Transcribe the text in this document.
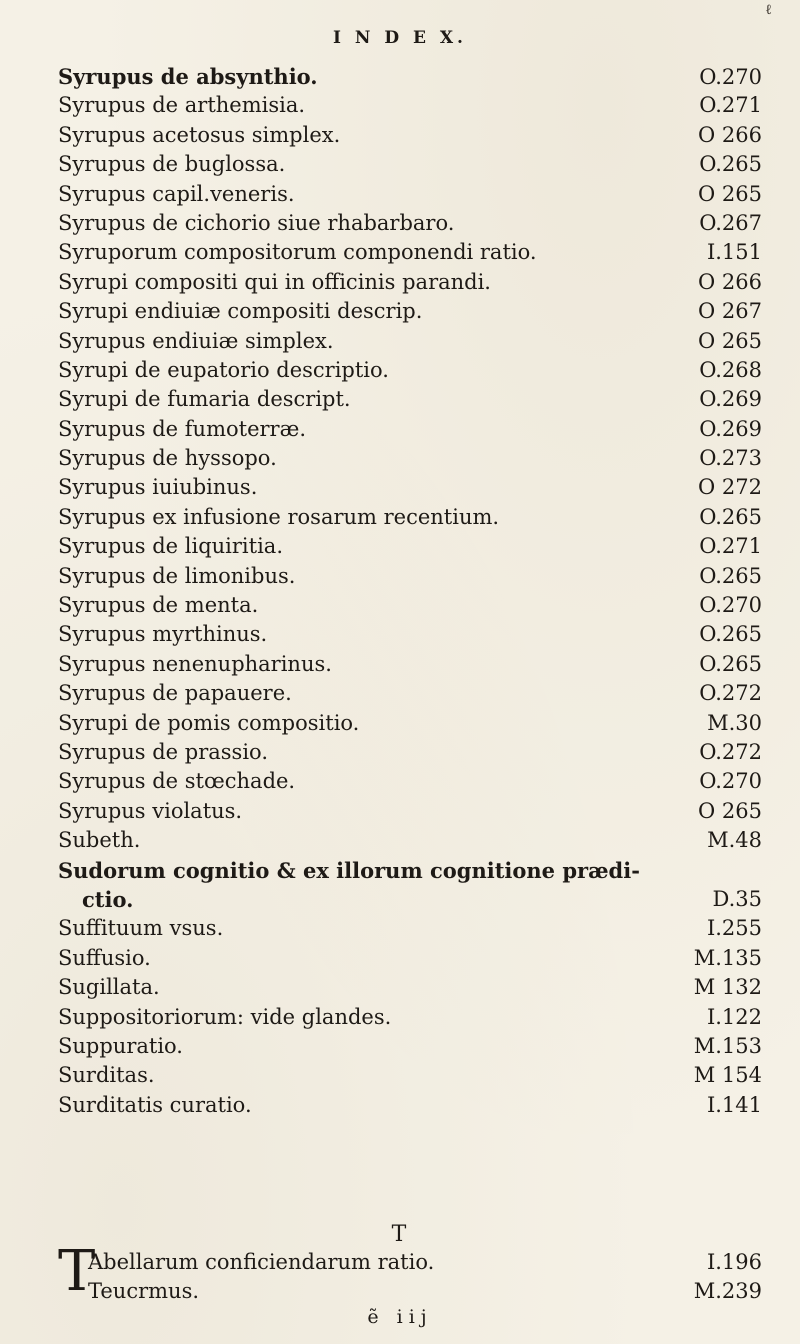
ℓ
I N D E X.
Syrupus de absynthio.	O.270
Syrupus de arthemisia.	O.271
Syrupus acetosus simplex.	O 266
Syrupus de buglossa.	O.265
Syrupus capil.veneris.	O 265
Syrupus de cichorio siue rhabarbaro.	O.267
Syruporum compositorum componendi ratio.	I.151
Syrupi compositi qui in officinis parandi.	O 266
Syrupi endiuiæ compositi descrip.	O 267
Syrupus endiuiæ simplex.	O 265
Syrupi de eupatorio descriptio.	O.268
Syrupi de fumaria descript.	O.269
Syrupus de fumoterræ.	O.269
Syrupus de hyssopo.	O.273
Syrupus iuiubinus.	O 272
Syrupus ex infusione rosarum recentium.	O.265
Syrupus de liquiritia.	O.271
Syrupus de limonibus.	O.265
Syrupus de menta.	O.270
Syrupus myrthinus.	O.265
Syrupus nenenupharinus.	O.265
Syrupus de papauere.	O.272
Syrupi de pomis compositio.	M.30
Syrupus de prassio.	O.272
Syrupus de stœchade.	O.270
Syrupus violatus.	O 265
Subeth.	M.48
Sudorum cognitio & ex illorum cognitione prædi-
ctio.	D.35
Suffituum vsus.	I.255
Suffusio.	M.135
Sugillata.	M 132
Suppositoriorum: vide glandes.	I.122
Suppuratio.	M.153
Surditas.	M 154
Surditatis curatio.	I.141
T
T
Abellarum conficiendarum ratio.	I.196
Teucrmus.	M.239
ẽ iij
